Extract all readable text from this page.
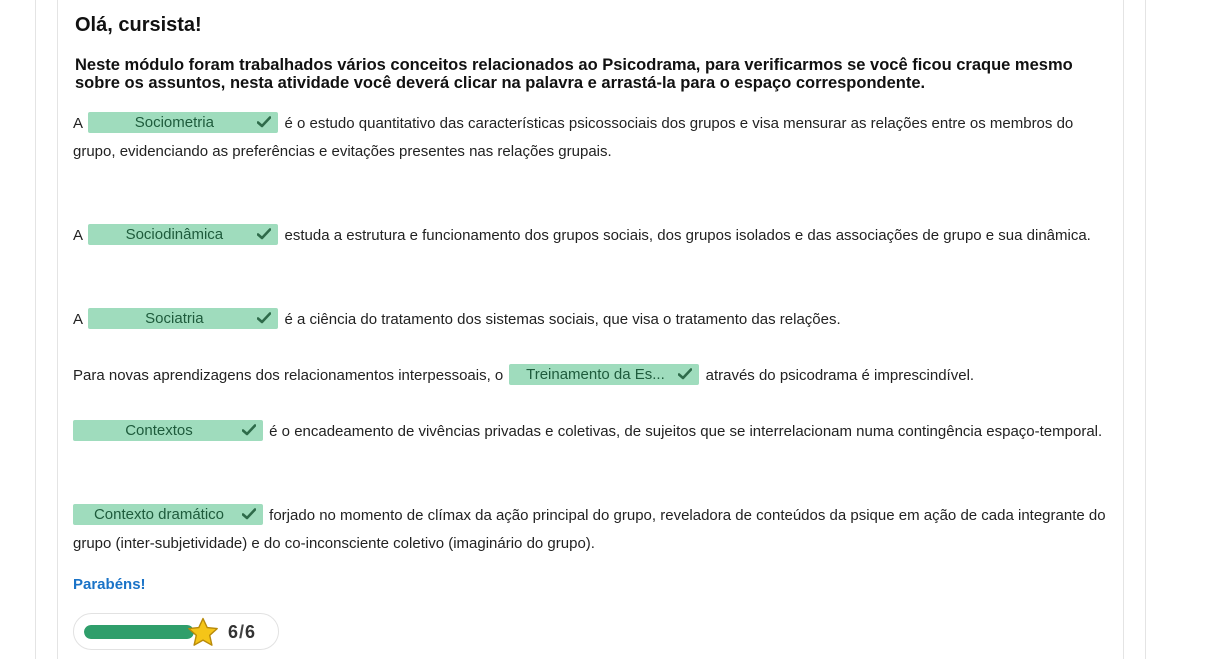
Olá, cursista!

Neste módulo foram trabalhados vários conceitos relacionados ao Psicodrama, para verificarmos se você ficou craque mesmo sobre os assuntos, nesta atividade você deverá clicar na palavra e arrastá-la para o espaço correspondente.

A	Sociometria	é o estudo quantitativo das características psicossociais dos grupos e visa mensurar as relações entre os membros do grupo, evidenciando as preferências e evitações presentes nas relações grupais.

A	Sociodinâmica	estuda a estrutura e funcionamento dos grupos sociais, dos grupos isolados e das associações de grupo e sua dinâmica.

A	Sociatria	é a ciência do tratamento dos sistemas sociais, que visa o tratamento das relações.

Para novas aprendizagens dos relacionamentos interpessoais, o Treinamento da Es...	através do psicodrama é imprescindível.

Contextos	é o encadeamento de vivências privadas e coletivas, de sujeitos que se interrelacionam numa contingência espaço-temporal.

Contexto dramático	forjado no momento de clímax da ação principal do grupo, reveladora de conteúdos da psique em ação de cada integrante do grupo (inter-subjetividade) e do co-inconsciente coletivo (imaginário do grupo).

Parabéns!

6/6
